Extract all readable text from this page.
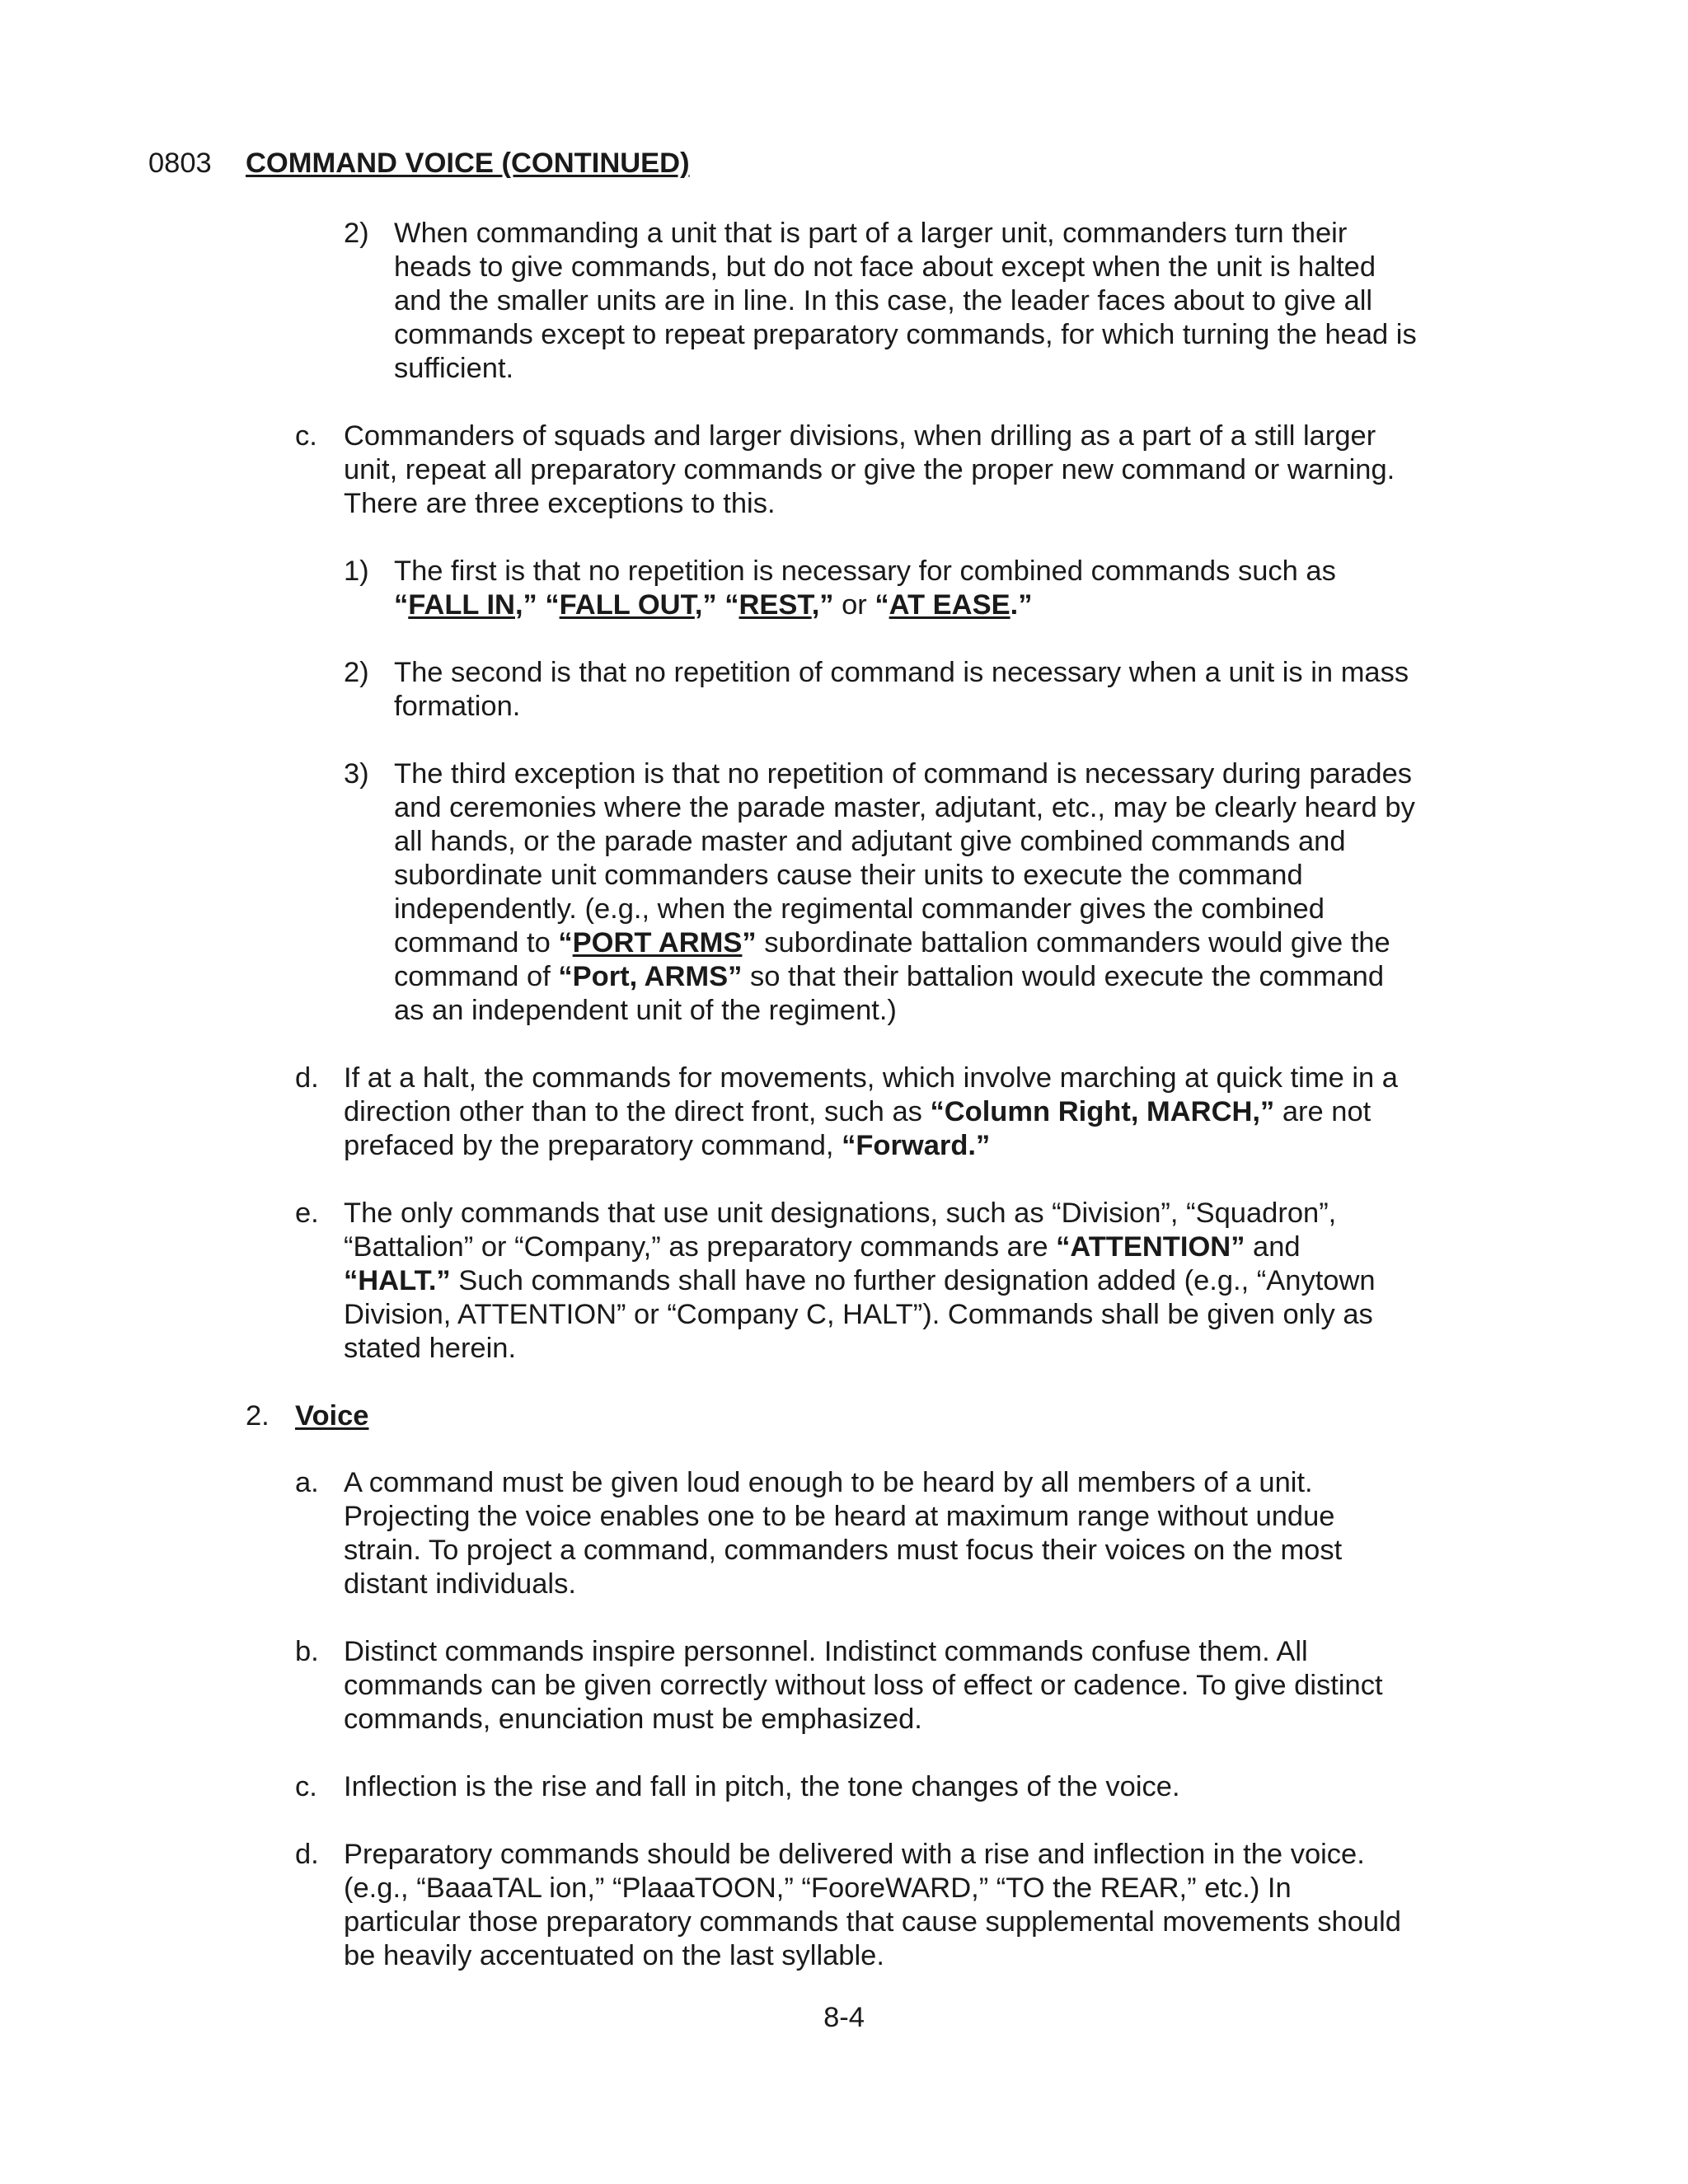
0803 COMMAND VOICE (CONTINUED)
2) When commanding a unit that is part of a larger unit, commanders turn their
heads to give commands, but do not face about except when the unit is halted
and the smaller units are in line. In this case, the leader faces about to give all
commands except to repeat preparatory commands, for which turning the head is
sufficient.
c. Commanders of squads and larger divisions, when drilling as a part of a still larger
unit, repeat all preparatory commands or give the proper new command or warning.
There are three exceptions to this.
1) The first is that no repetition is necessary for combined commands such as
“FALL IN,” “FALL OUT,” “REST,” or “AT EASE.”
2) The second is that no repetition of command is necessary when a unit is in mass
formation.
3) The third exception is that no repetition of command is necessary during parades
and ceremonies where the parade master, adjutant, etc., may be clearly heard by
all hands, or the parade master and adjutant give combined commands and
subordinate unit commanders cause their units to execute the command
independently. (e.g., when the regimental commander gives the combined
command to “PORT ARMS” subordinate battalion commanders would give the
command of “Port, ARMS” so that their battalion would execute the command
as an independent unit of the regiment.)
d. If at a halt, the commands for movements, which involve marching at quick time in a
direction other than to the direct front, such as “Column Right, MARCH,” are not
prefaced by the preparatory command, “Forward.”
e. The only commands that use unit designations, such as “Division”, “Squadron”,
“Battalion” or “Company,” as preparatory commands are “ATTENTION” and
“HALT.” Such commands shall have no further designation added (e.g., “Anytown
Division, ATTENTION” or “Company C, HALT”). Commands shall be given only as
stated herein.
2. Voice
a. A command must be given loud enough to be heard by all members of a unit.
Projecting the voice enables one to be heard at maximum range without undue
strain. To project a command, commanders must focus their voices on the most
distant individuals.
b. Distinct commands inspire personnel. Indistinct commands confuse them. All
commands can be given correctly without loss of effect or cadence. To give distinct
commands, enunciation must be emphasized.
c. Inflection is the rise and fall in pitch, the tone changes of the voice.
d. Preparatory commands should be delivered with a rise and inflection in the voice.
(e.g., “BaaaTAL ion,” “PlaaaTOON,” “FooreWARD,” “TO the REAR,” etc.) In
particular those preparatory commands that cause supplemental movements should
be heavily accentuated on the last syllable.
8-4
